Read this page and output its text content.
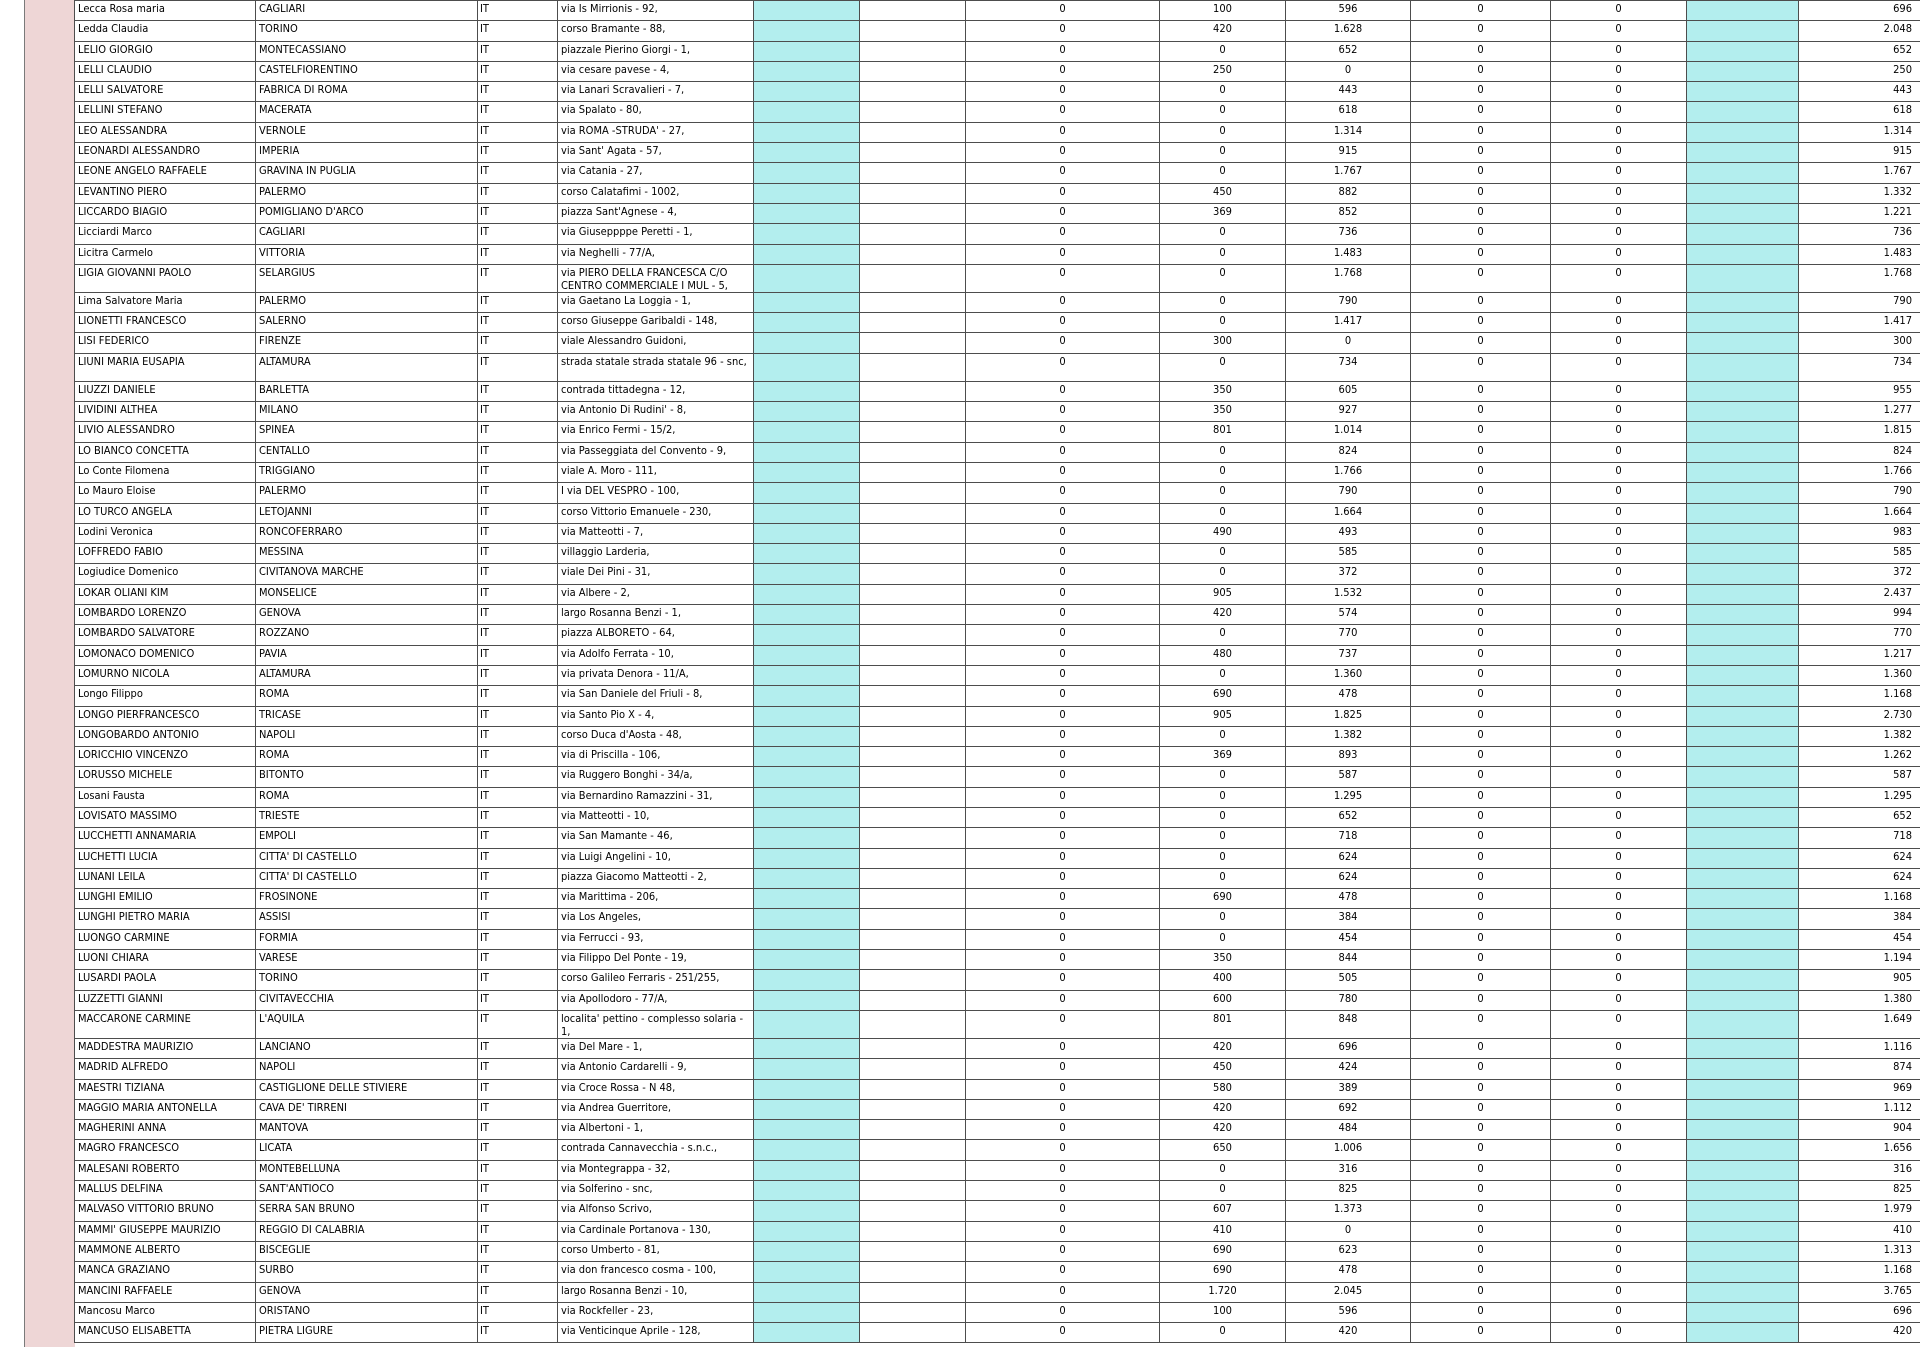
Lecca Rosa maria	CAGLIARI	IT	via Is Mirrionis - 92,			0	100	596	0	0		696
Ledda Claudia	TORINO	IT	corso Bramante - 88,			0	420	1.628	0	0		2.048
LELIO GIORGIO	MONTECASSIANO	IT	piazzale Pierino Giorgi - 1,			0	0	652	0	0		652
LELLI CLAUDIO	CASTELFIORENTINO	IT	via cesare pavese - 4,			0	250	0	0	0		250
LELLI SALVATORE	FABRICA DI ROMA	IT	via Lanari Scravalieri - 7,			0	0	443	0	0		443
LELLINI STEFANO	MACERATA	IT	via Spalato - 80,			0	0	618	0	0		618
LEO ALESSANDRA	VERNOLE	IT	via ROMA -STRUDA' - 27,			0	0	1.314	0	0		1.314
LEONARDI ALESSANDRO	IMPERIA	IT	via Sant' Agata - 57,			0	0	915	0	0		915
LEONE ANGELO RAFFAELE	GRAVINA IN PUGLIA	IT	via Catania - 27,			0	0	1.767	0	0		1.767
LEVANTINO PIERO	PALERMO	IT	corso Calatafimi - 1002,			0	450	882	0	0		1.332
LICCARDO BIAGIO	POMIGLIANO D'ARCO	IT	piazza Sant'Agnese - 4,			0	369	852	0	0		1.221
Licciardi Marco	CAGLIARI	IT	via Giuseppppe Peretti - 1,			0	0	736	0	0		736
Licitra Carmelo	VITTORIA	IT	via Neghelli - 77/A,			0	0	1.483	0	0		1.483
LIGIA GIOVANNI PAOLO	SELARGIUS	IT	via PIERO DELLA FRANCESCA C/O CENTRO COMMERCIALE I MUL - 5,			0	0	1.768	0	0		1.768
Lima Salvatore Maria	PALERMO	IT	via Gaetano La Loggia - 1,			0	0	790	0	0		790
LIONETTI FRANCESCO	SALERNO	IT	corso Giuseppe Garibaldi - 148,			0	0	1.417	0	0		1.417
LISI FEDERICO	FIRENZE	IT	viale Alessandro Guidoni,			0	300	0	0	0		300
LIUNI MARIA EUSAPIA	ALTAMURA	IT	strada statale strada statale 96 - snc,			0	0	734	0	0		734
LIUZZI DANIELE	BARLETTA	IT	contrada tittadegna - 12,			0	350	605	0	0		955
LIVIDINI ALTHEA	MILANO	IT	via Antonio Di Rudini' - 8,			0	350	927	0	0		1.277
LIVIO ALESSANDRO	SPINEA	IT	via Enrico Fermi - 15/2,			0	801	1.014	0	0		1.815
LO BIANCO CONCETTA	CENTALLO	IT	via Passeggiata del Convento - 9,			0	0	824	0	0		824
Lo Conte Filomena	TRIGGIANO	IT	viale A. Moro - 111,			0	0	1.766	0	0		1.766
Lo Mauro Eloise	PALERMO	IT	I via DEL VESPRO - 100,			0	0	790	0	0		790
LO TURCO ANGELA	LETOJANNI	IT	corso Vittorio Emanuele - 230,			0	0	1.664	0	0		1.664
Lodini Veronica	RONCOFERRARO	IT	via Matteotti - 7,			0	490	493	0	0		983
LOFFREDO FABIO	MESSINA	IT	villaggio Larderia,			0	0	585	0	0		585
Logiudice Domenico	CIVITANOVA MARCHE	IT	viale Dei Pini - 31,			0	0	372	0	0		372
LOKAR OLIANI KIM	MONSELICE	IT	via Albere - 2,			0	905	1.532	0	0		2.437
LOMBARDO LORENZO	GENOVA	IT	largo Rosanna Benzi - 1,			0	420	574	0	0		994
LOMBARDO SALVATORE	ROZZANO	IT	piazza ALBORETO - 64,			0	0	770	0	0		770
LOMONACO DOMENICO	PAVIA	IT	via Adolfo Ferrata - 10,			0	480	737	0	0		1.217
LOMURNO NICOLA	ALTAMURA	IT	via privata Denora - 11/A,			0	0	1.360	0	0		1.360
Longo Filippo	ROMA	IT	via San Daniele del Friuli - 8,			0	690	478	0	0		1.168
LONGO PIERFRANCESCO	TRICASE	IT	via Santo Pio X - 4,			0	905	1.825	0	0		2.730
LONGOBARDO ANTONIO	NAPOLI	IT	corso Duca d'Aosta - 48,			0	0	1.382	0	0		1.382
LORICCHIO VINCENZO	ROMA	IT	via di Priscilla - 106,			0	369	893	0	0		1.262
LORUSSO MICHELE	BITONTO	IT	via Ruggero Bonghi - 34/a,			0	0	587	0	0		587
Losani Fausta	ROMA	IT	via Bernardino Ramazzini - 31,			0	0	1.295	0	0		1.295
LOVISATO MASSIMO	TRIESTE	IT	via Matteotti - 10,			0	0	652	0	0		652
LUCCHETTI ANNAMARIA	EMPOLI	IT	via San Mamante - 46,			0	0	718	0	0		718
LUCHETTI LUCIA	CITTA' DI CASTELLO	IT	via Luigi Angelini - 10,			0	0	624	0	0		624
LUNANI LEILA	CITTA' DI CASTELLO	IT	piazza Giacomo Matteotti - 2,			0	0	624	0	0		624
LUNGHI EMILIO	FROSINONE	IT	via Marittima - 206,			0	690	478	0	0		1.168
LUNGHI PIETRO MARIA	ASSISI	IT	via Los Angeles,			0	0	384	0	0		384
LUONGO CARMINE	FORMIA	IT	via Ferrucci - 93,			0	0	454	0	0		454
LUONI CHIARA	VARESE	IT	via Filippo Del Ponte - 19,			0	350	844	0	0		1.194
LUSARDI PAOLA	TORINO	IT	corso Galileo Ferraris - 251/255,			0	400	505	0	0		905
LUZZETTI GIANNI	CIVITAVECCHIA	IT	via Apollodoro - 77/A,			0	600	780	0	0		1.380
MACCARONE CARMINE	L'AQUILA	IT	localita' pettino - complesso solaria - 1,			0	801	848	0	0		1.649
MADDESTRA MAURIZIO	LANCIANO	IT	via Del Mare - 1,			0	420	696	0	0		1.116
MADRID ALFREDO	NAPOLI	IT	via Antonio Cardarelli - 9,			0	450	424	0	0		874
MAESTRI TIZIANA	CASTIGLIONE DELLE STIVIERE	IT	via Croce Rossa - N 48,			0	580	389	0	0		969
MAGGIO MARIA ANTONELLA	CAVA DE' TIRRENI	IT	via Andrea Guerritore,			0	420	692	0	0		1.112
MAGHERINI ANNA	MANTOVA	IT	via Albertoni - 1,			0	420	484	0	0		904
MAGRO FRANCESCO	LICATA	IT	contrada Cannavecchia - s.n.c.,			0	650	1.006	0	0		1.656
MALESANI ROBERTO	MONTEBELLUNA	IT	via Montegrappa - 32,			0	0	316	0	0		316
MALLUS DELFINA	SANT'ANTIOCO	IT	via Solferino - snc,			0	0	825	0	0		825
MALVASO VITTORIO BRUNO	SERRA SAN BRUNO	IT	via Alfonso Scrivo,			0	607	1.373	0	0		1.979
MAMMI' GIUSEPPE MAURIZIO	REGGIO DI CALABRIA	IT	via Cardinale Portanova - 130,			0	410	0	0	0		410
MAMMONE ALBERTO	BISCEGLIE	IT	corso Umberto - 81,			0	690	623	0	0		1.313
MANCA GRAZIANO	SURBO	IT	via don francesco cosma - 100,			0	690	478	0	0		1.168
MANCINI RAFFAELE	GENOVA	IT	largo Rosanna Benzi - 10,			0	1.720	2.045	0	0		3.765
Mancosu Marco	ORISTANO	IT	via Rockfeller - 23,			0	100	596	0	0		696
MANCUSO ELISABETTA	PIETRA LIGURE	IT	via Venticinque Aprile - 128,			0	0	420	0	0		420
